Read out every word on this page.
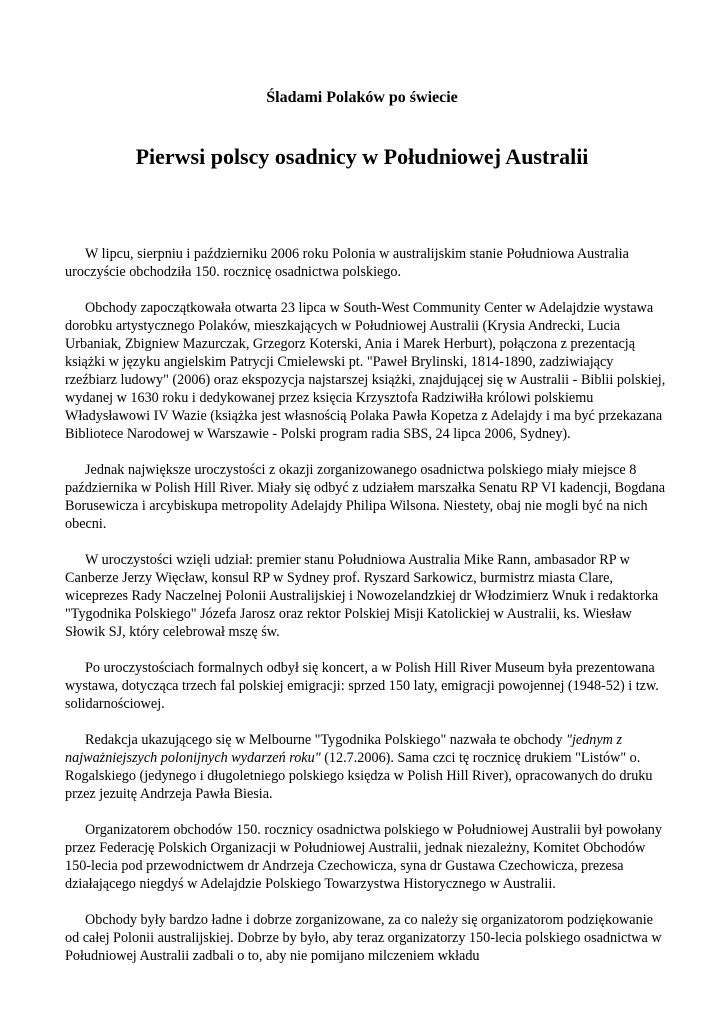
Śladami Polaków po świecie
Pierwsi polscy osadnicy w Południowej Australii

W lipcu, sierpniu i październiku 2006 roku Polonia w australijskim stanie Południowa Australia uroczyście obchodziła 150. rocznicę osadnictwa polskiego.

Obchody zapoczątkowała otwarta 23 lipca w South-West Community Center w Adelajdzie wystawa dorobku artystycznego Polaków, mieszkających w Południowej Australii (Krysia Andrecki, Lucia Urbaniak, Zbigniew Mazurczak, Grzegorz Koterski, Ania i Marek Herburt), połączona z prezentacją książki w języku angielskim Patrycji Cmielewski pt. "Paweł Brylinski, 1814-1890, zadziwiający rzeźbiarz ludowy" (2006) oraz ekspozycja najstarszej książki, znajdującej się w Australii - Biblii polskiej, wydanej w 1630 roku i dedykowanej przez księcia Krzysztofa Radziwiłła królowi polskiemu Władysławowi IV Wazie (książka jest własnością Polaka Pawła Kopetza z Adelajdy i ma być przekazana Bibliotece Narodowej w Warszawie - Polski program radia SBS, 24 lipca 2006, Sydney).

Jednak największe uroczystości z okazji zorganizowanego osadnictwa polskiego miały miejsce 8 października w Polish Hill River. Miały się odbyć z udziałem marszałka Senatu RP VI kadencji, Bogdana Borusewicza i arcybiskupa metropolity Adelajdy Philipa Wilsona. Niestety, obaj nie mogli być na nich obecni.

W uroczystości wzięli udział: premier stanu Południowa Australia Mike Rann, ambasador RP w Canberze Jerzy Więcław, konsul RP w Sydney prof. Ryszard Sarkowicz, burmistrz miasta Clare, wiceprezes Rady Naczelnej Polonii Australijskiej i Nowozelandzkiej dr Włodzimierz Wnuk i redaktorka "Tygodnika Polskiego" Józefa Jarosz oraz rektor Polskiej Misji Katolickiej w Australii, ks. Wiesław Słowik SJ, który celebrował mszę św.

Po uroczystościach formalnych odbył się koncert, a w Polish Hill River Museum była prezentowana wystawa, dotycząca trzech fal polskiej emigracji: sprzed 150 laty, emigracji powojennej (1948-52) i tzw. solidarnościowej.

Redakcja ukazującego się w Melbourne "Tygodnika Polskiego" nazwała te obchody "jednym z najważniejszych polonijnych wydarzeń roku" (12.7.2006). Sama czci tę rocznicę drukiem "Listów" o. Rogalskiego (jedynego i długoletniego polskiego księdza w Polish Hill River), opracowanych do druku przez jezuitę Andrzeja Pawła Biesia.

Organizatorem obchodów 150. rocznicy osadnictwa polskiego w Południowej Australii był powołany przez Federację Polskich Organizacji w Południowej Australii, jednak niezależny, Komitet Obchodów 150-lecia pod przewodnictwem dr Andrzeja Czechowicza, syna dr Gustawa Czechowicza, prezesa działającego niegdyś w Adelajdzie Polskiego Towarzystwa Historycznego w Australii.

Obchody były bardzo ładne i dobrze zorganizowane, za co należy się organizatorom podziękowanie od całej Polonii australijskiej. Dobrze by było, aby teraz organizatorzy 150-lecia polskiego osadnictwa w Południowej Australii zadbali o to, aby nie pomijano milczeniem wkładu
